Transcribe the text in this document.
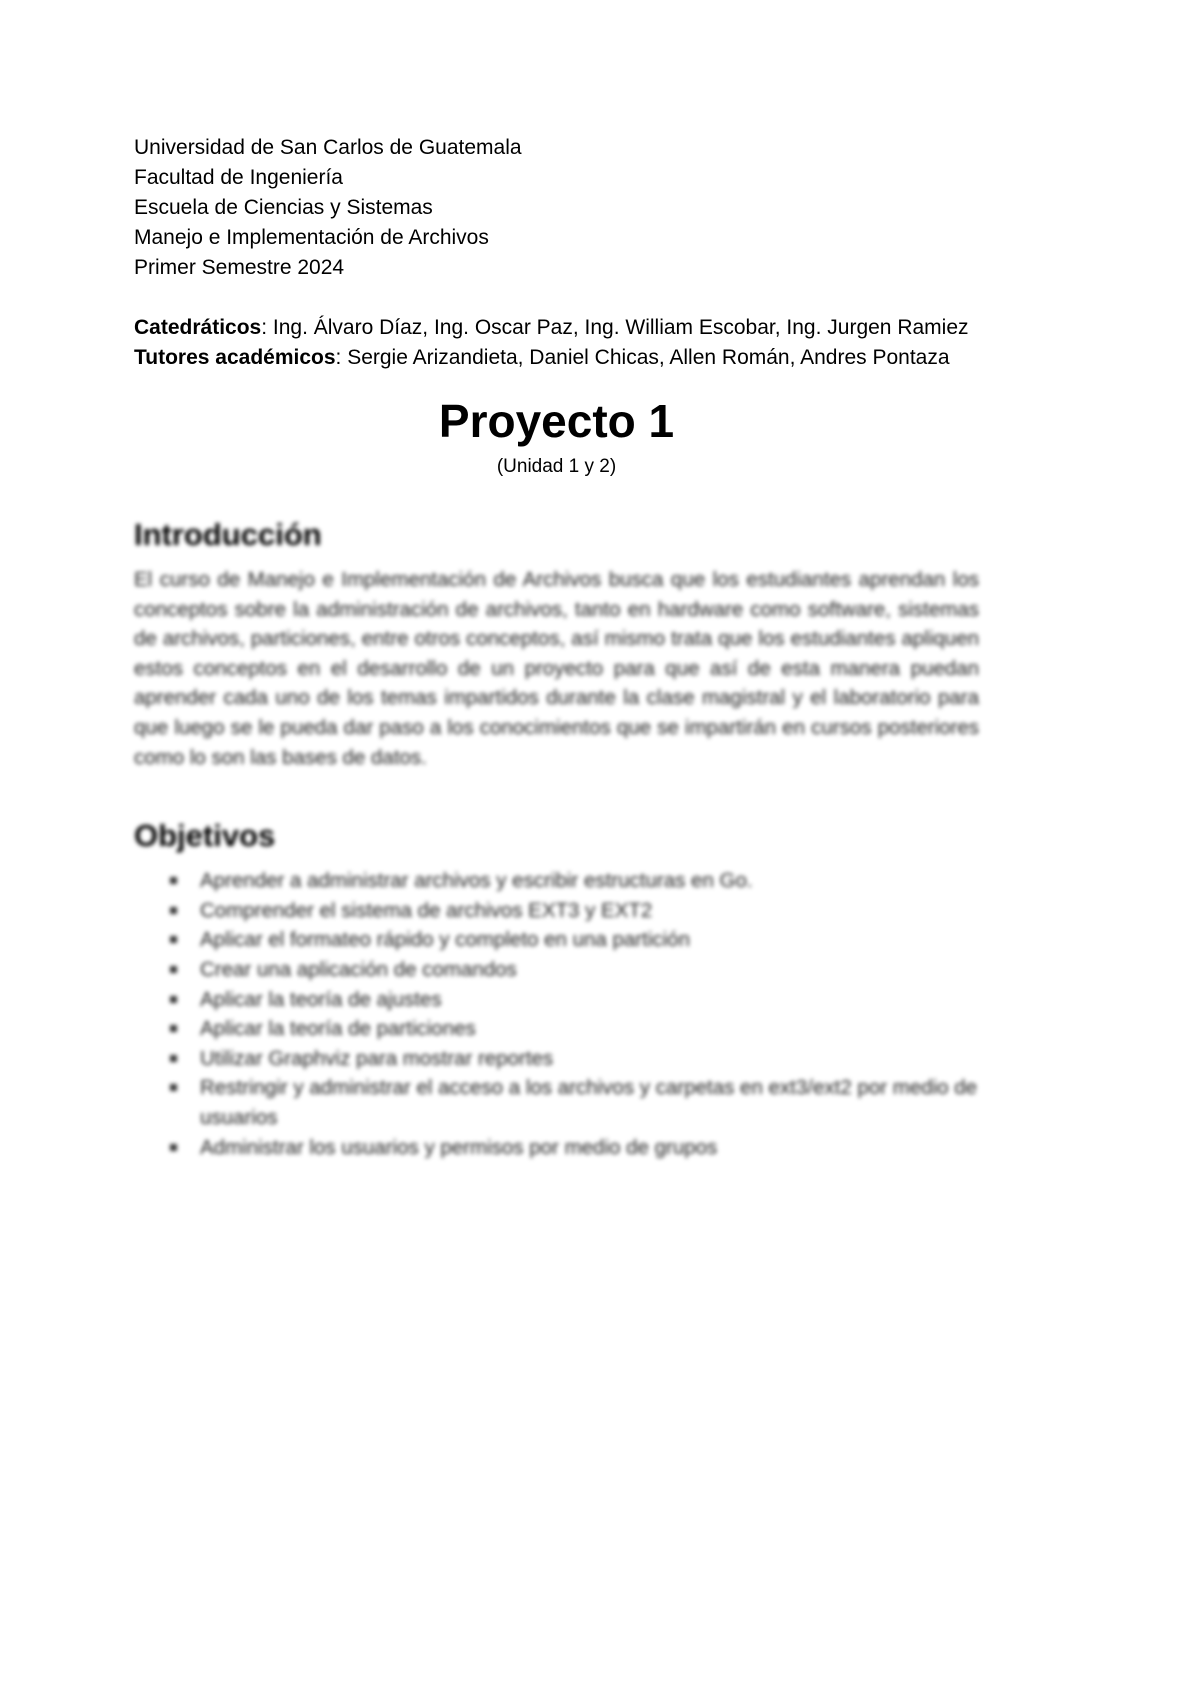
Universidad de San Carlos de Guatemala
Facultad de Ingeniería
Escuela de Ciencias y Sistemas
Manejo e Implementación de Archivos
Primer Semestre 2024
Catedráticos: Ing. Álvaro Díaz, Ing. Oscar Paz, Ing. William Escobar, Ing. Jurgen Ramiez
Tutores académicos: Sergie Arizandieta, Daniel Chicas, Allen Román, Andres Pontaza
Proyecto 1
(Unidad 1 y 2)
Introducción
El curso de Manejo e Implementación de Archivos busca que los estudiantes aprendan los conceptos sobre la administración de archivos, tanto en hardware como software, sistemas de archivos, particiones, entre otros conceptos, así mismo trata que los estudiantes apliquen estos conceptos en el desarrollo de un proyecto para que así de esta manera puedan aprender cada uno de los temas impartidos durante la clase magistral y el laboratorio para que luego se le pueda dar paso a los conocimientos que se impartirán en cursos posteriores como lo son las bases de datos.
Objetivos
Aprender a administrar archivos y escribir estructuras en Go.
Comprender el sistema de archivos EXT3 y EXT2
Aplicar el formateo rápido y completo en una partición
Crear una aplicación de comandos
Aplicar la teoría de ajustes
Aplicar la teoría de particiones
Utilizar Graphviz para mostrar reportes
Restringir y administrar el acceso a los archivos y carpetas en ext3/ext2 por medio de usuarios
Administrar los usuarios y permisos por medio de grupos
